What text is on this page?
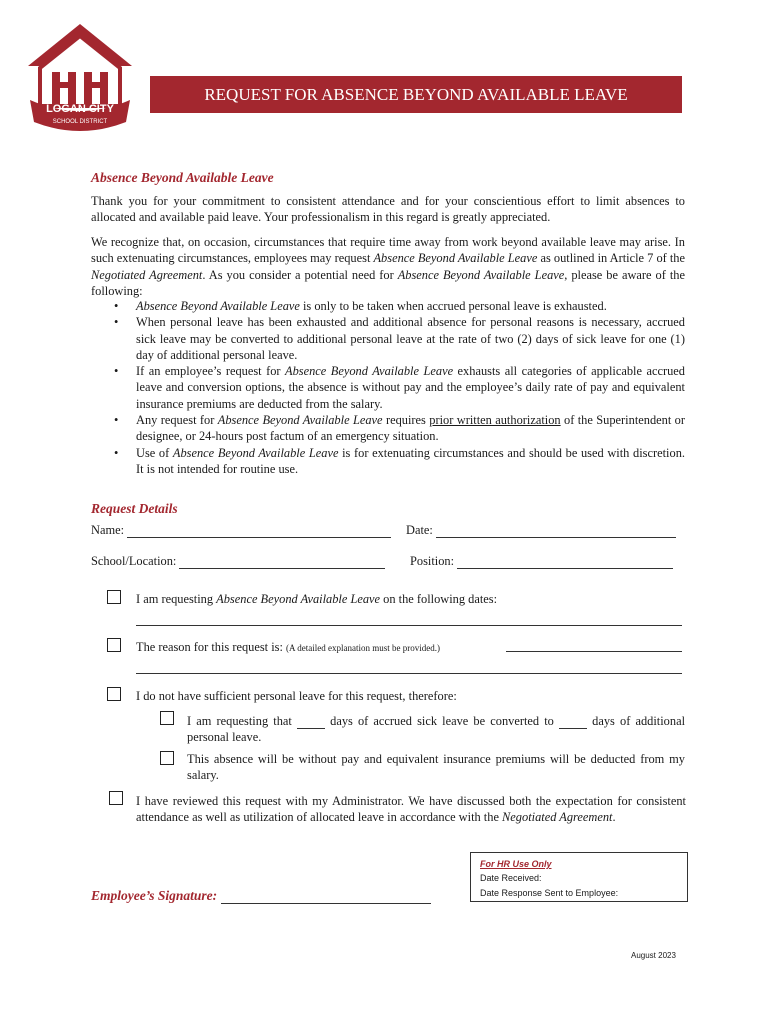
LOGAN CITY
SCHOOL DISTRICT
REQUEST FOR ABSENCE BEYOND AVAILABLE LEAVE
Absence Beyond Available Leave

Thank you for your commitment to consistent attendance and for your conscientious effort to limit absences to allocated and available paid leave. Your professionalism in this regard is greatly appreciated.

We recognize that, on occasion, circumstances that require time away from work beyond available leave may arise. In such extenuating circumstances, employees may request Absence Beyond Available Leave as outlined in Article 7 of the Negotiated Agreement. As you consider a potential need for Absence Beyond Available Leave, please be aware of the following:

• Absence Beyond Available Leave is only to be taken when accrued personal leave is exhausted.
• When personal leave has been exhausted and additional absence for personal reasons is necessary, accrued sick leave may be converted to additional personal leave at the rate of two (2) days of sick leave for one (1) day of additional personal leave.
• If an employee’s request for Absence Beyond Available Leave exhausts all categories of applicable accrued leave and conversion options, the absence is without pay and the employee’s daily rate of pay and equivalent insurance premiums are deducted from the salary.
• Any request for Absence Beyond Available Leave requires prior written authorization of the Superintendent or designee, or 24-hours post factum of an emergency situation.
• Use of Absence Beyond Available Leave is for extenuating circumstances and should be used with discretion. It is not intended for routine use.
Request Details
Name:	Date:
School/Location:	Position:

I am requesting Absence Beyond Available Leave on the following dates:

The reason for this request is: (A detailed explanation must be provided.)

I do not have sufficient personal leave for this request, therefore:

I am requesting that	days of accrued sick leave be converted to	days of additional personal leave.

This absence will be without pay and equivalent insurance premiums will be deducted from my salary.

I have reviewed this request with my Administrator. We have discussed both the expectation for consistent attendance as well as utilization of allocated leave in accordance with the Negotiated Agreement.

For HR Use Only
Date Received:
Date Response Sent to Employee:
Employee’s Signature:
August 2023
